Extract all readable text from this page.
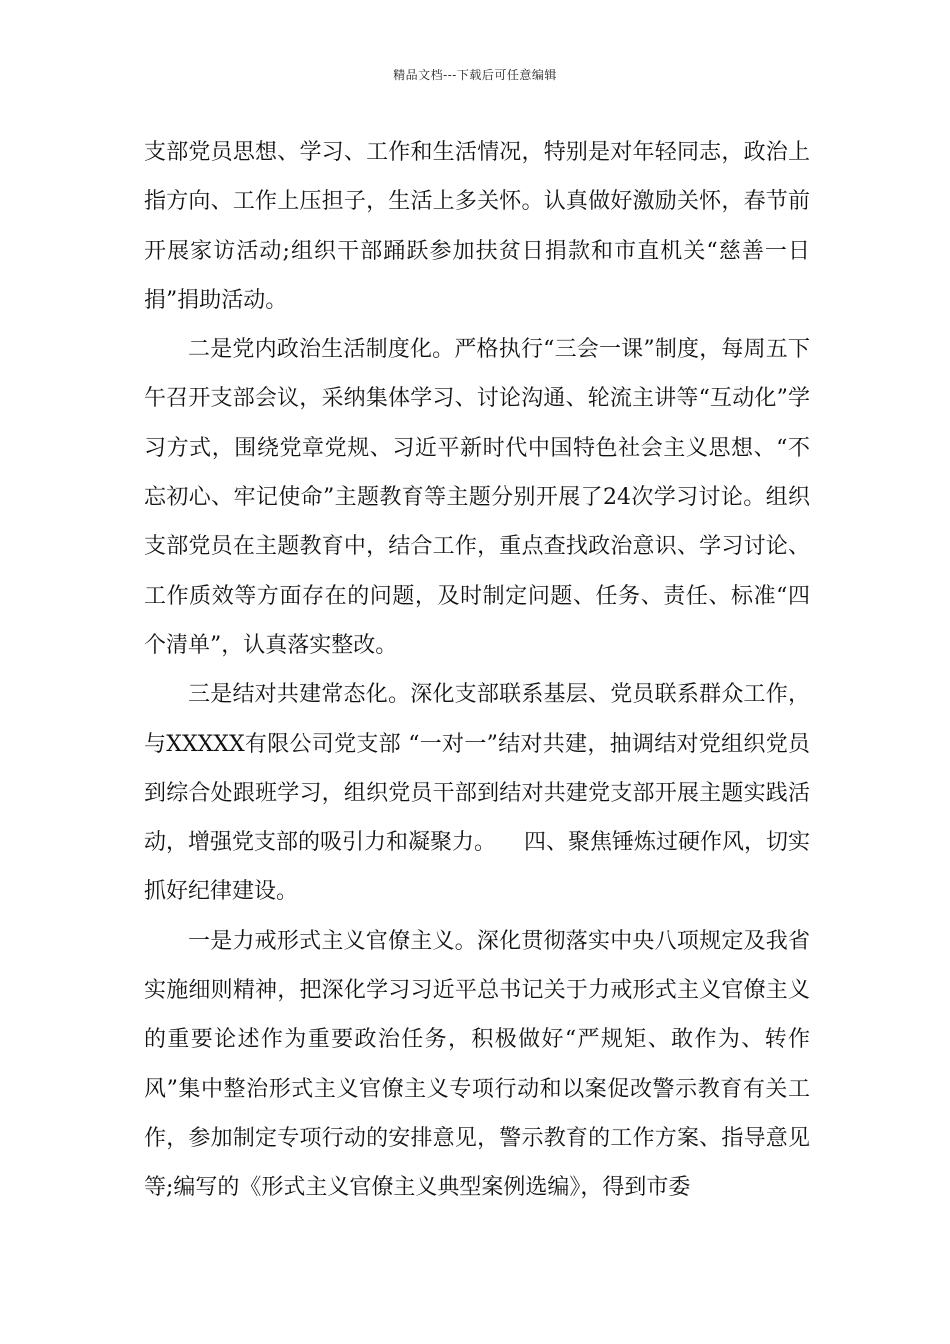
精品文档---下载后可任意编辑

支部党员思想、学习、工作和生活情况，特别是对年轻同志，政治上指方向、工作上压担子，生活上多关怀。认真做好激励关怀，春节前开展家访活动;组织干部踊跃参加扶贫日捐款和市直机关“慈善一日捐”捐助活动。

二是党内政治生活制度化。严格执行“三会一课”制度，每周五下午召开支部会议，采纳集体学习、讨论沟通、轮流主讲等“互动化”学习方式，围绕党章党规、习近平新时代中国特色社会主义思想、“不忘初心、牢记使命”主题教育等主题分别开展了24次学习讨论。组织支部党员在主题教育中，结合工作，重点查找政治意识、学习讨论、工作质效等方面存在的问题，及时制定问题、任务、责任、标准“四个清单”，认真落实整改。

三是结对共建常态化。深化支部联系基层、党员联系群众工作，与XXXXX有限公司党支部 “一对一”结对共建，抽调结对党组织党员到综合处跟班学习，组织党员干部到结对共建党支部开展主题实践活动，增强党支部的吸引力和凝聚力。    四、聚焦锤炼过硬作风，切实抓好纪律建设。

一是力戒形式主义官僚主义。深化贯彻落实中央八项规定及我省实施细则精神，把深化学习习近平总书记关于力戒形式主义官僚主义的重要论述作为重要政治任务，积极做好“严规矩、敢作为、转作风”集中整治形式主义官僚主义专项行动和以案促改警示教育有关工作，参加制定专项行动的安排意见，警示教育的工作方案、指导意见等;编写的《形式主义官僚主义典型案例选编》，得到市委
